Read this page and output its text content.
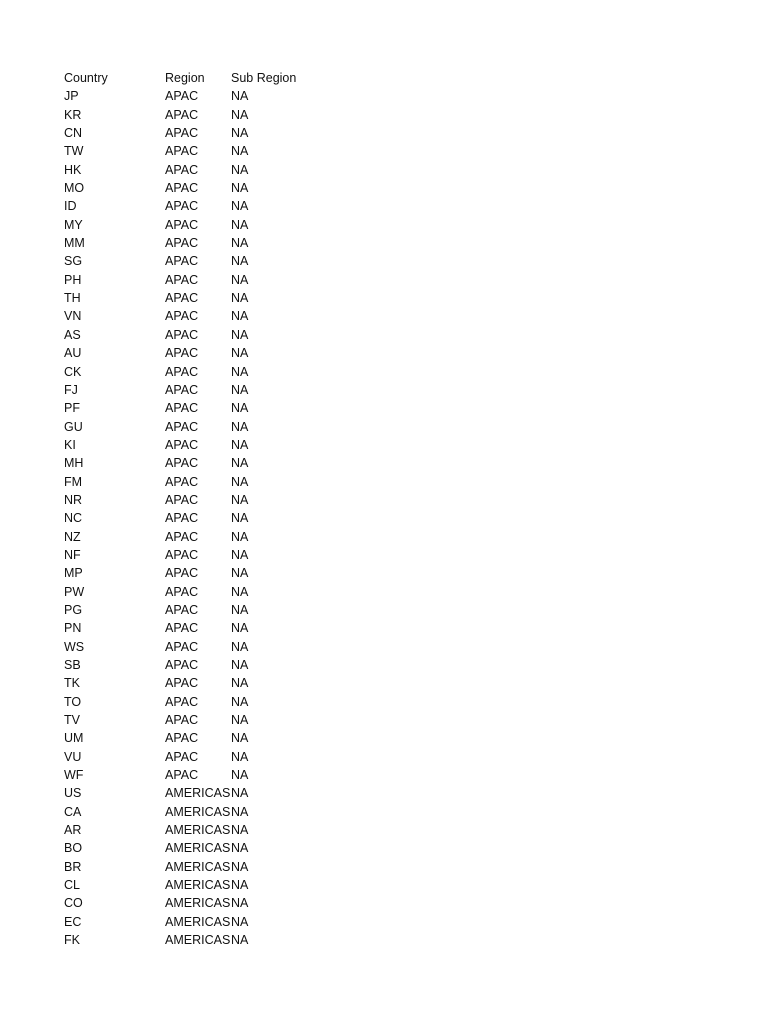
Country	Region	Sub Region
JP	APAC	NA
KR	APAC	NA
CN	APAC	NA
TW	APAC	NA
HK	APAC	NA
MO	APAC	NA
ID	APAC	NA
MY	APAC	NA
MM	APAC	NA
SG	APAC	NA
PH	APAC	NA
TH	APAC	NA
VN	APAC	NA
AS	APAC	NA
AU	APAC	NA
CK	APAC	NA
FJ	APAC	NA
PF	APAC	NA
GU	APAC	NA
KI	APAC	NA
MH	APAC	NA
FM	APAC	NA
NR	APAC	NA
NC	APAC	NA
NZ	APAC	NA
NF	APAC	NA
MP	APAC	NA
PW	APAC	NA
PG	APAC	NA
PN	APAC	NA
WS	APAC	NA
SB	APAC	NA
TK	APAC	NA
TO	APAC	NA
TV	APAC	NA
UM	APAC	NA
VU	APAC	NA
WF	APAC	NA
US	AMERICAS NA
CA	AMERICAS NA
AR	AMERICAS NA
BO	AMERICAS NA
BR	AMERICAS NA
CL	AMERICAS NA
CO	AMERICAS NA
EC	AMERICAS NA
FK	AMERICAS NA
